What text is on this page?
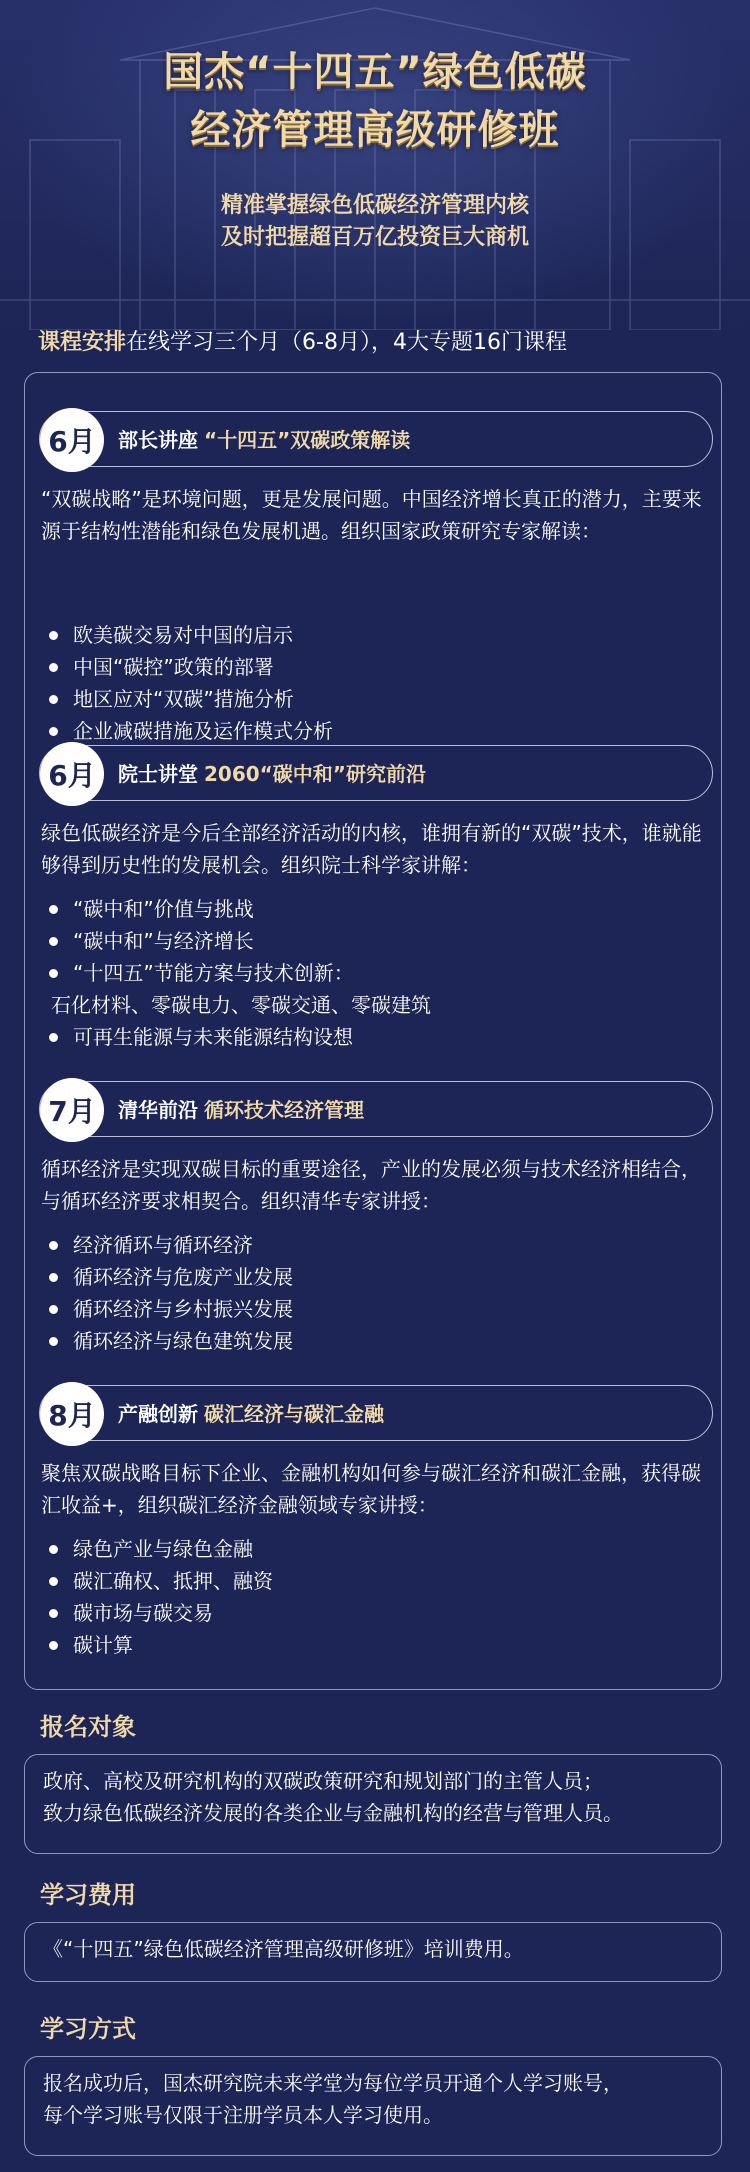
国杰“十四五”绿色低碳
经济管理高级研修班
精准掌握绿色低碳经济管理内核
及时把握超百万亿投资巨大商机
课程安排在线学习三个月（6-8月），4大专题16门课程
6月	部长讲座 “十四五”双碳政策解读
“双碳战略”是环境问题，更是发展问题。中国经济增长真正的潜力，主要来源于结构性潜能和绿色发展机遇。组织国家政策研究专家解读：
欧美碳交易对中国的启示
中国“碳控”政策的部署
地区应对“双碳”措施分析
企业减碳措施及运作模式分析
6月	院士讲堂 2060“碳中和”研究前沿
绿色低碳经济是今后全部经济活动的内核，谁拥有新的“双碳”技术，谁就能够得到历史性的发展机会。组织院士科学家讲解：
“碳中和”价值与挑战
“碳中和”与经济增长
“十四五”节能方案与技术创新：
石化材料、零碳电力、零碳交通、零碳建筑
可再生能源与未来能源结构设想
7月	清华前沿 循环技术经济管理
循环经济是实现双碳目标的重要途径，产业的发展必须与技术经济相结合，与循环经济要求相契合。组织清华专家讲授：
经济循环与循环经济
循环经济与危废产业发展
循环经济与乡村振兴发展
循环经济与绿色建筑发展
8月	产融创新 碳汇经济与碳汇金融
聚焦双碳战略目标下企业、金融机构如何参与碳汇经济和碳汇金融，获得碳汇收益+，组织碳汇经济金融领域专家讲授：
绿色产业与绿色金融
碳汇确权、抵押、融资
碳市场与碳交易
碳计算
报名对象
政府、高校及研究机构的双碳政策研究和规划部门的主管人员；
致力绿色低碳经济发展的各类企业与金融机构的经营与管理人员。
学习费用
《“十四五”绿色低碳经济管理高级研修班》培训费用。
学习方式
报名成功后，国杰研究院未来学堂为每位学员开通个人学习账号，
每个学习账号仅限于注册学员本人学习使用。
